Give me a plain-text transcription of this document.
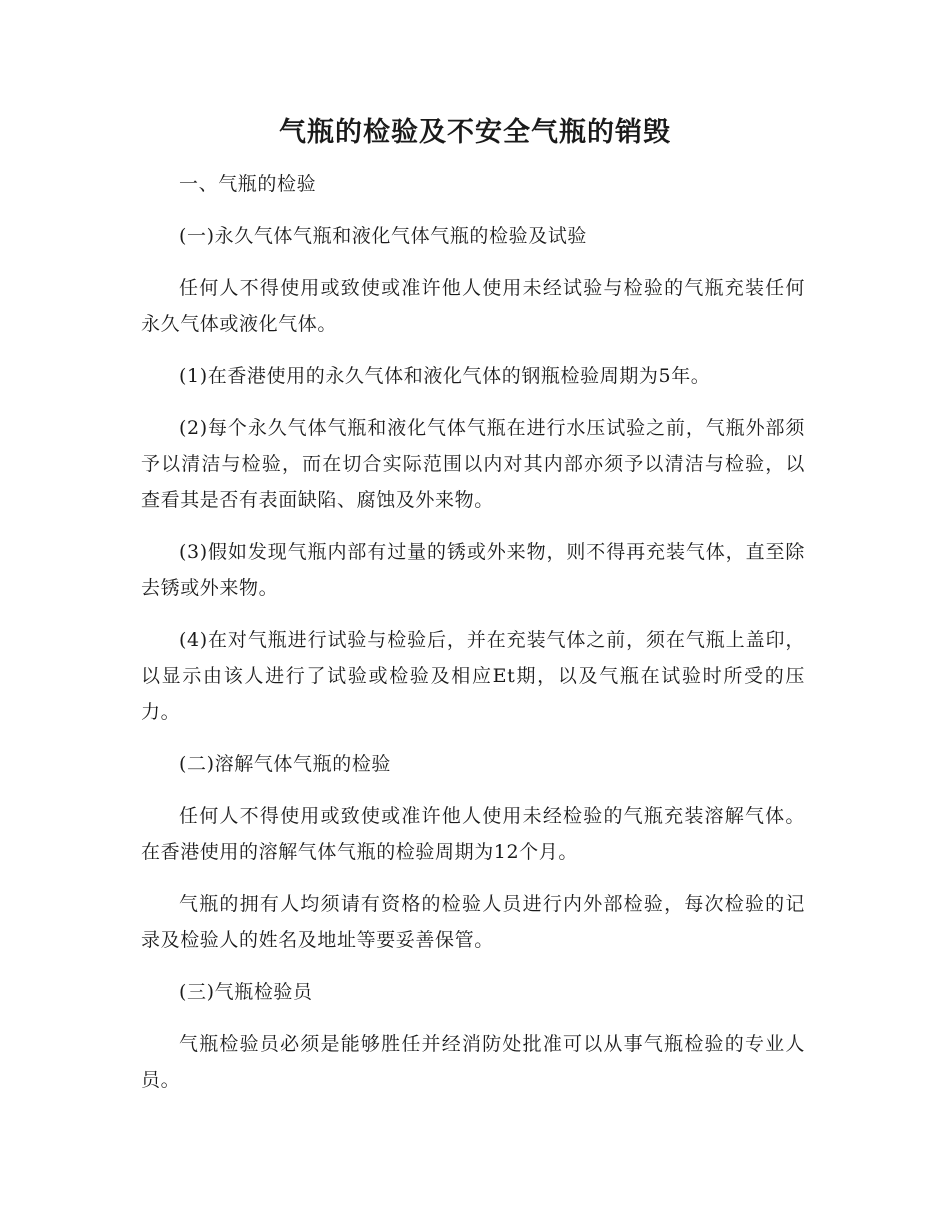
气瓶的检验及不安全气瓶的销毁

一、气瓶的检验

(一)永久气体气瓶和液化气体气瓶的检验及试验

任何人不得使用或致使或准许他人使用未经试验与检验的气瓶充装任何永久气体或液化气体。

(1)在香港使用的永久气体和液化气体的钢瓶检验周期为5年。

(2)每个永久气体气瓶和液化气体气瓶在进行水压试验之前，气瓶外部须予以清洁与检验，而在切合实际范围以内对其内部亦须予以清洁与检验，以查看其是否有表面缺陷、腐蚀及外来物。

(3)假如发现气瓶内部有过量的锈或外来物，则不得再充装气体，直至除去锈或外来物。

(4)在对气瓶进行试验与检验后，并在充装气体之前，须在气瓶上盖印，以显示由该人进行了试验或检验及相应Et期，以及气瓶在试验时所受的压力。

(二)溶解气体气瓶的检验

任何人不得使用或致使或准许他人使用未经检验的气瓶充装溶解气体。在香港使用的溶解气体气瓶的检验周期为12个月。

气瓶的拥有人均须请有资格的检验人员进行内外部检验，每次检验的记录及检验人的姓名及地址等要妥善保管。

(三)气瓶检验员

气瓶检验员必须是能够胜任并经消防处批准可以从事气瓶检验的专业人员。
